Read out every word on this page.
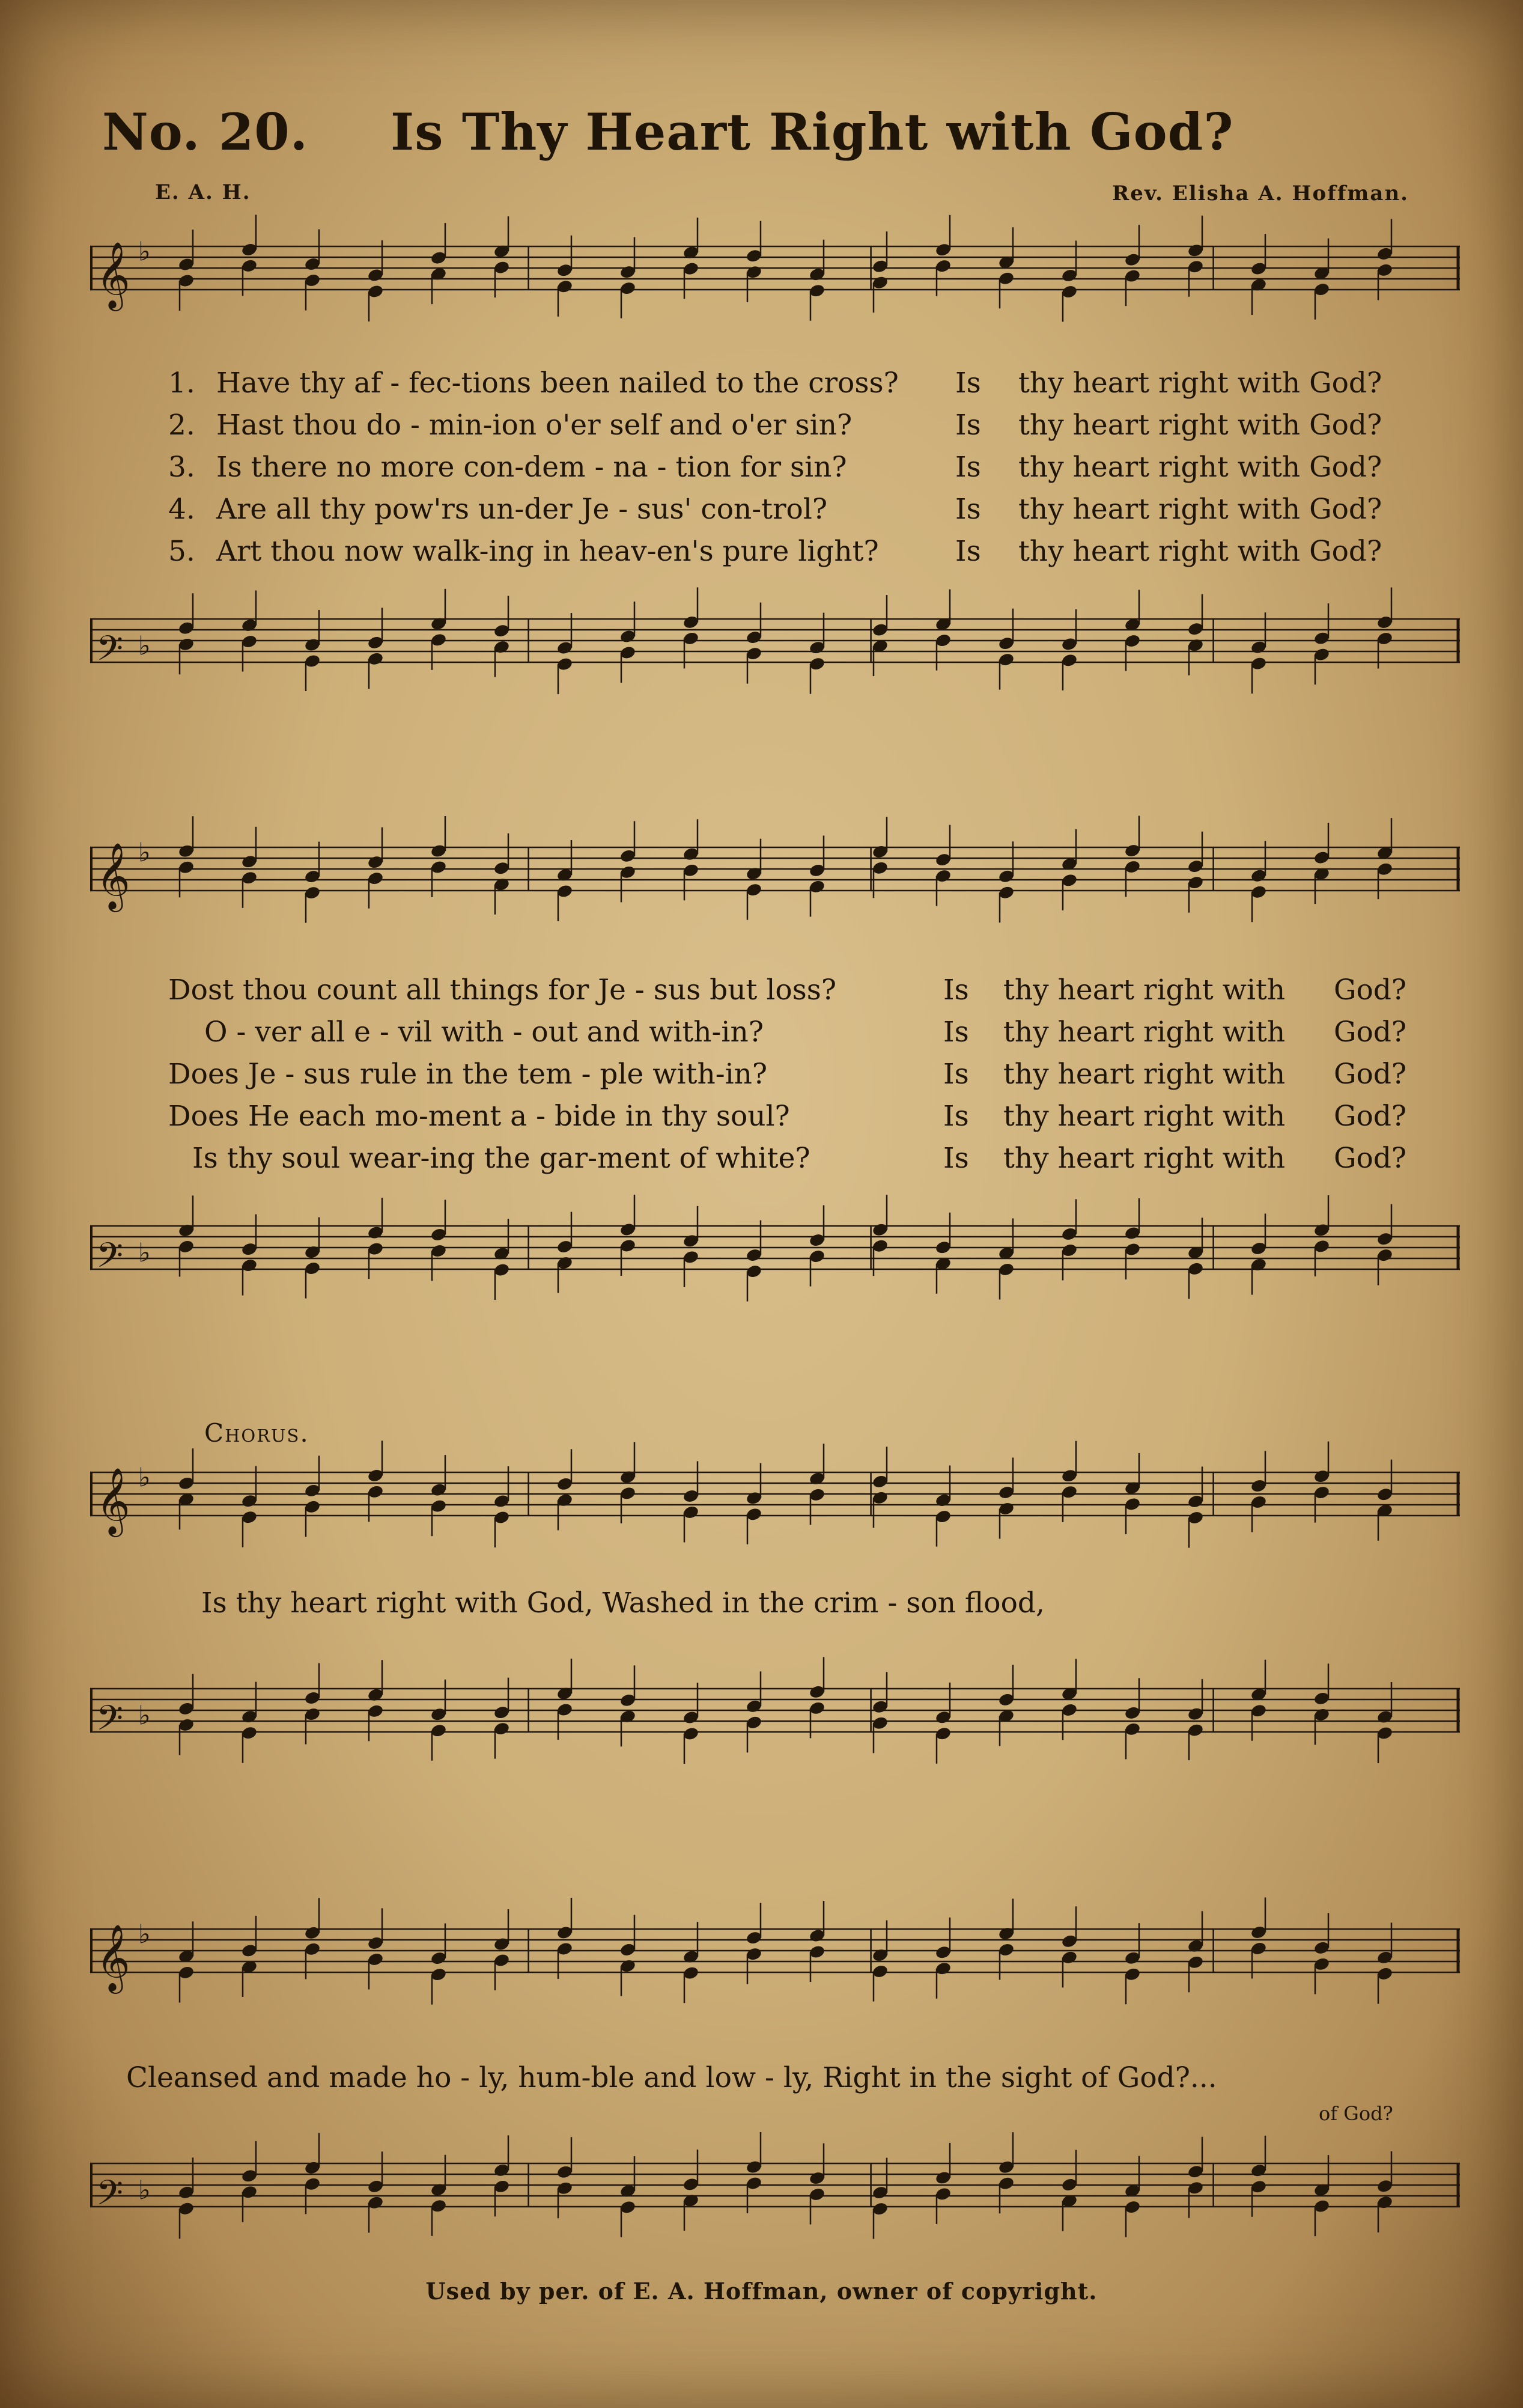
No. 20. Is Thy Heart Right with God?
E. A. H.	Rev. Elisha A. Hoffman.
𝄞 ♭
1. Have thy af - fec-tions been nailed to the cross? Is thy heart right with God?
2. Hast thou do - min-ion o'er self and o'er sin?	Is thy heart right with God?
3. Is there no more con-dem - na - tion for sin?	Is thy heart right with God?
4. Are all thy pow'rs un-der Je - sus' con-trol?	Is thy heart right with God?
5. Art thou now walk-ing in heav-en's pure light?	Is thy heart right with God?
𝄢 ♭
𝄞 ♭
Dost thou count all things for Je - sus but loss?	Is thy heart right with God?
O - ver all e - vil with - out and with-in?	Is thy heart right with God?
Does Je - sus rule in the tem - ple with-in?	Is thy heart right with God?
Does He each mo-ment a - bide in thy soul?	Is thy heart right with God?
Is thy soul wear-ing the gar-ment of white?	Is thy heart right with God?
𝄢 ♭
Chorus.
𝄞 ♭
Is thy heart right with God, Washed in the crim - son flood,
𝄢 ♭
𝄞 ♭
Cleansed and made ho - ly, hum-ble and low - ly, Right in the sight of God?...
of God?
𝄢 ♭
Used by per. of E. A. Hoffman, owner of copyright.
